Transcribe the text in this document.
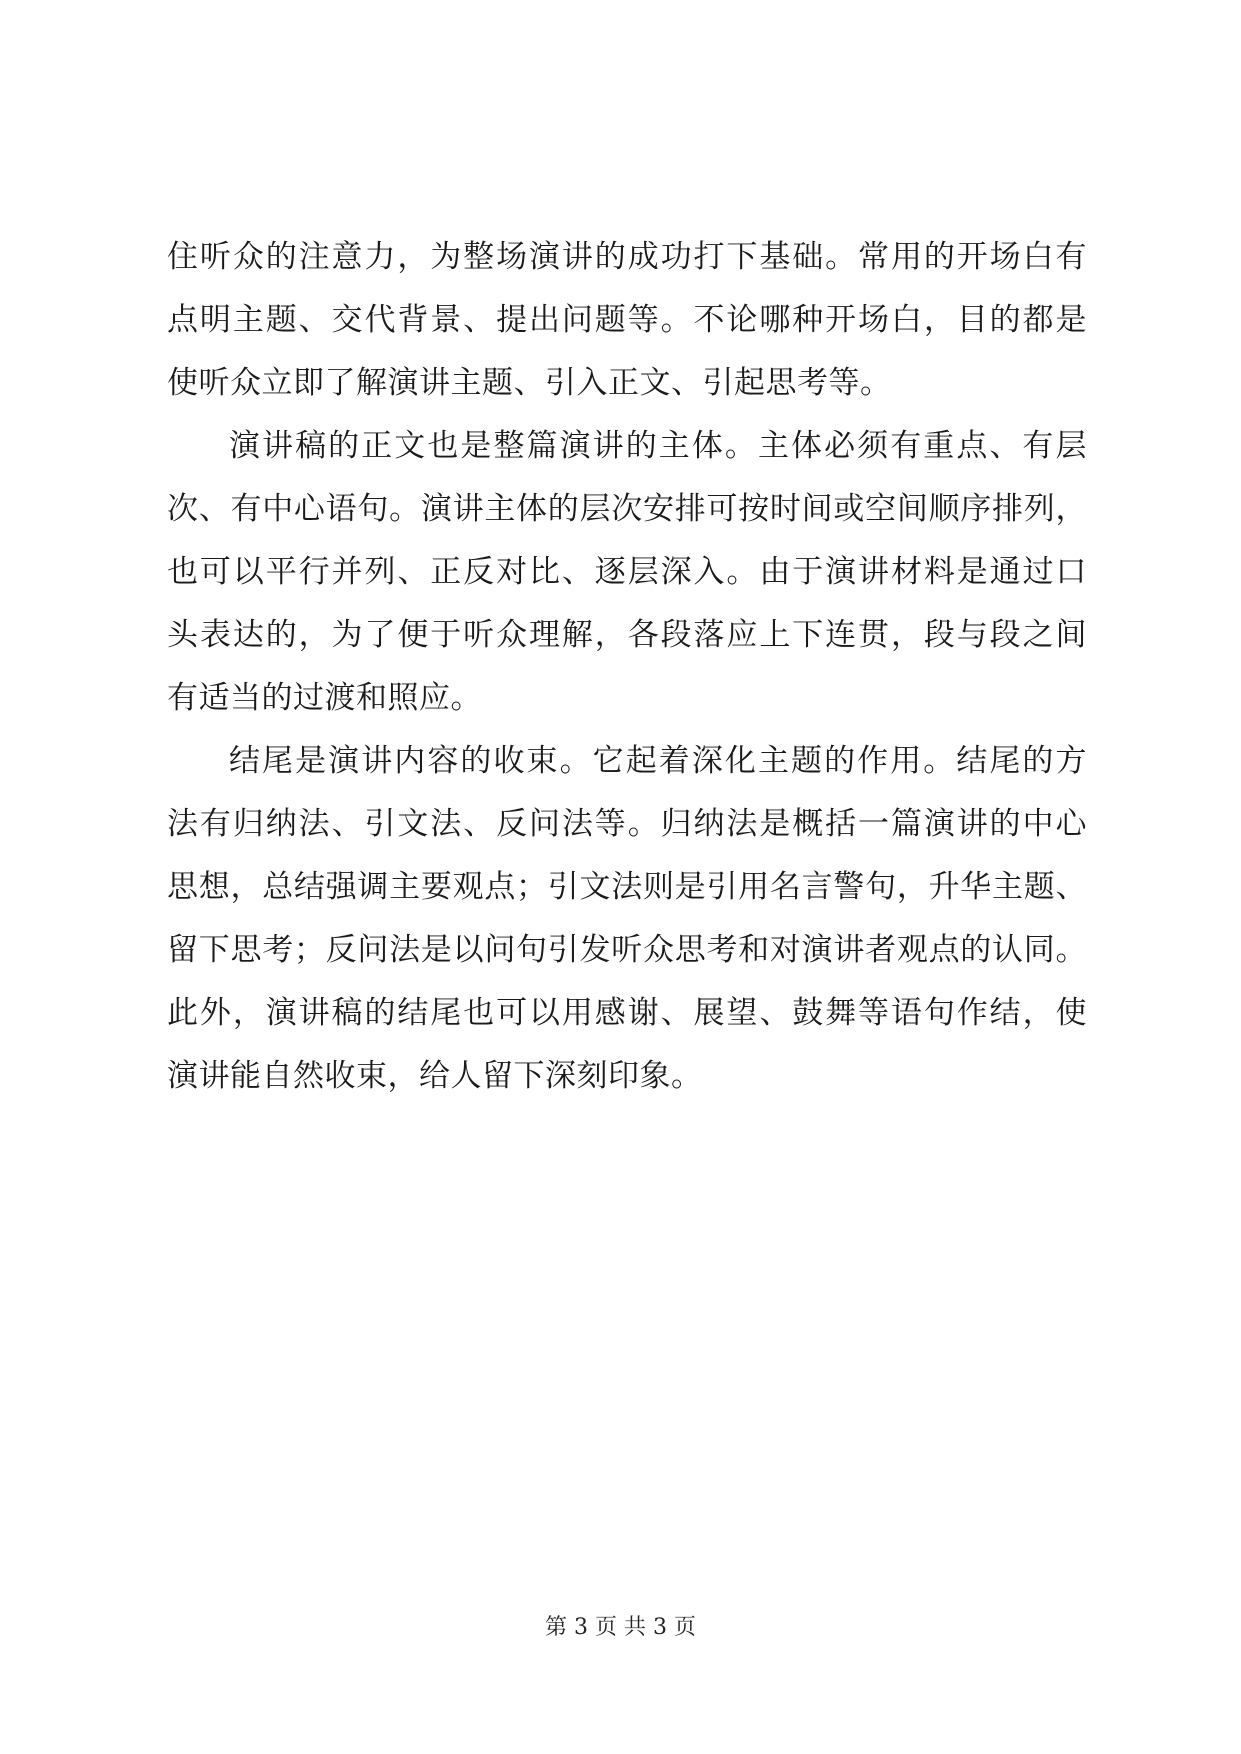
住听众的注意力，为整场演讲的成功打下基础。常用的开场白有
点明主题、交代背景、提出问题等。不论哪种开场白，目的都是
使听众立即了解演讲主题、引入正文、引起思考等。
演讲稿的正文也是整篇演讲的主体。主体必须有重点、有层
次、有中心语句。演讲主体的层次安排可按时间或空间顺序排列，
也可以平行并列、正反对比、逐层深入。由于演讲材料是通过口
头表达的，为了便于听众理解，各段落应上下连贯，段与段之间
有适当的过渡和照应。
结尾是演讲内容的收束。它起着深化主题的作用。结尾的方
法有归纳法、引文法、反问法等。归纳法是概括一篇演讲的中心
思想，总结强调主要观点；引文法则是引用名言警句，升华主题、
留下思考；反问法是以问句引发听众思考和对演讲者观点的认同。
此外，演讲稿的结尾也可以用感谢、展望、鼓舞等语句作结，使
演讲能自然收束，给人留下深刻印象。
第 3 页 共 3 页
